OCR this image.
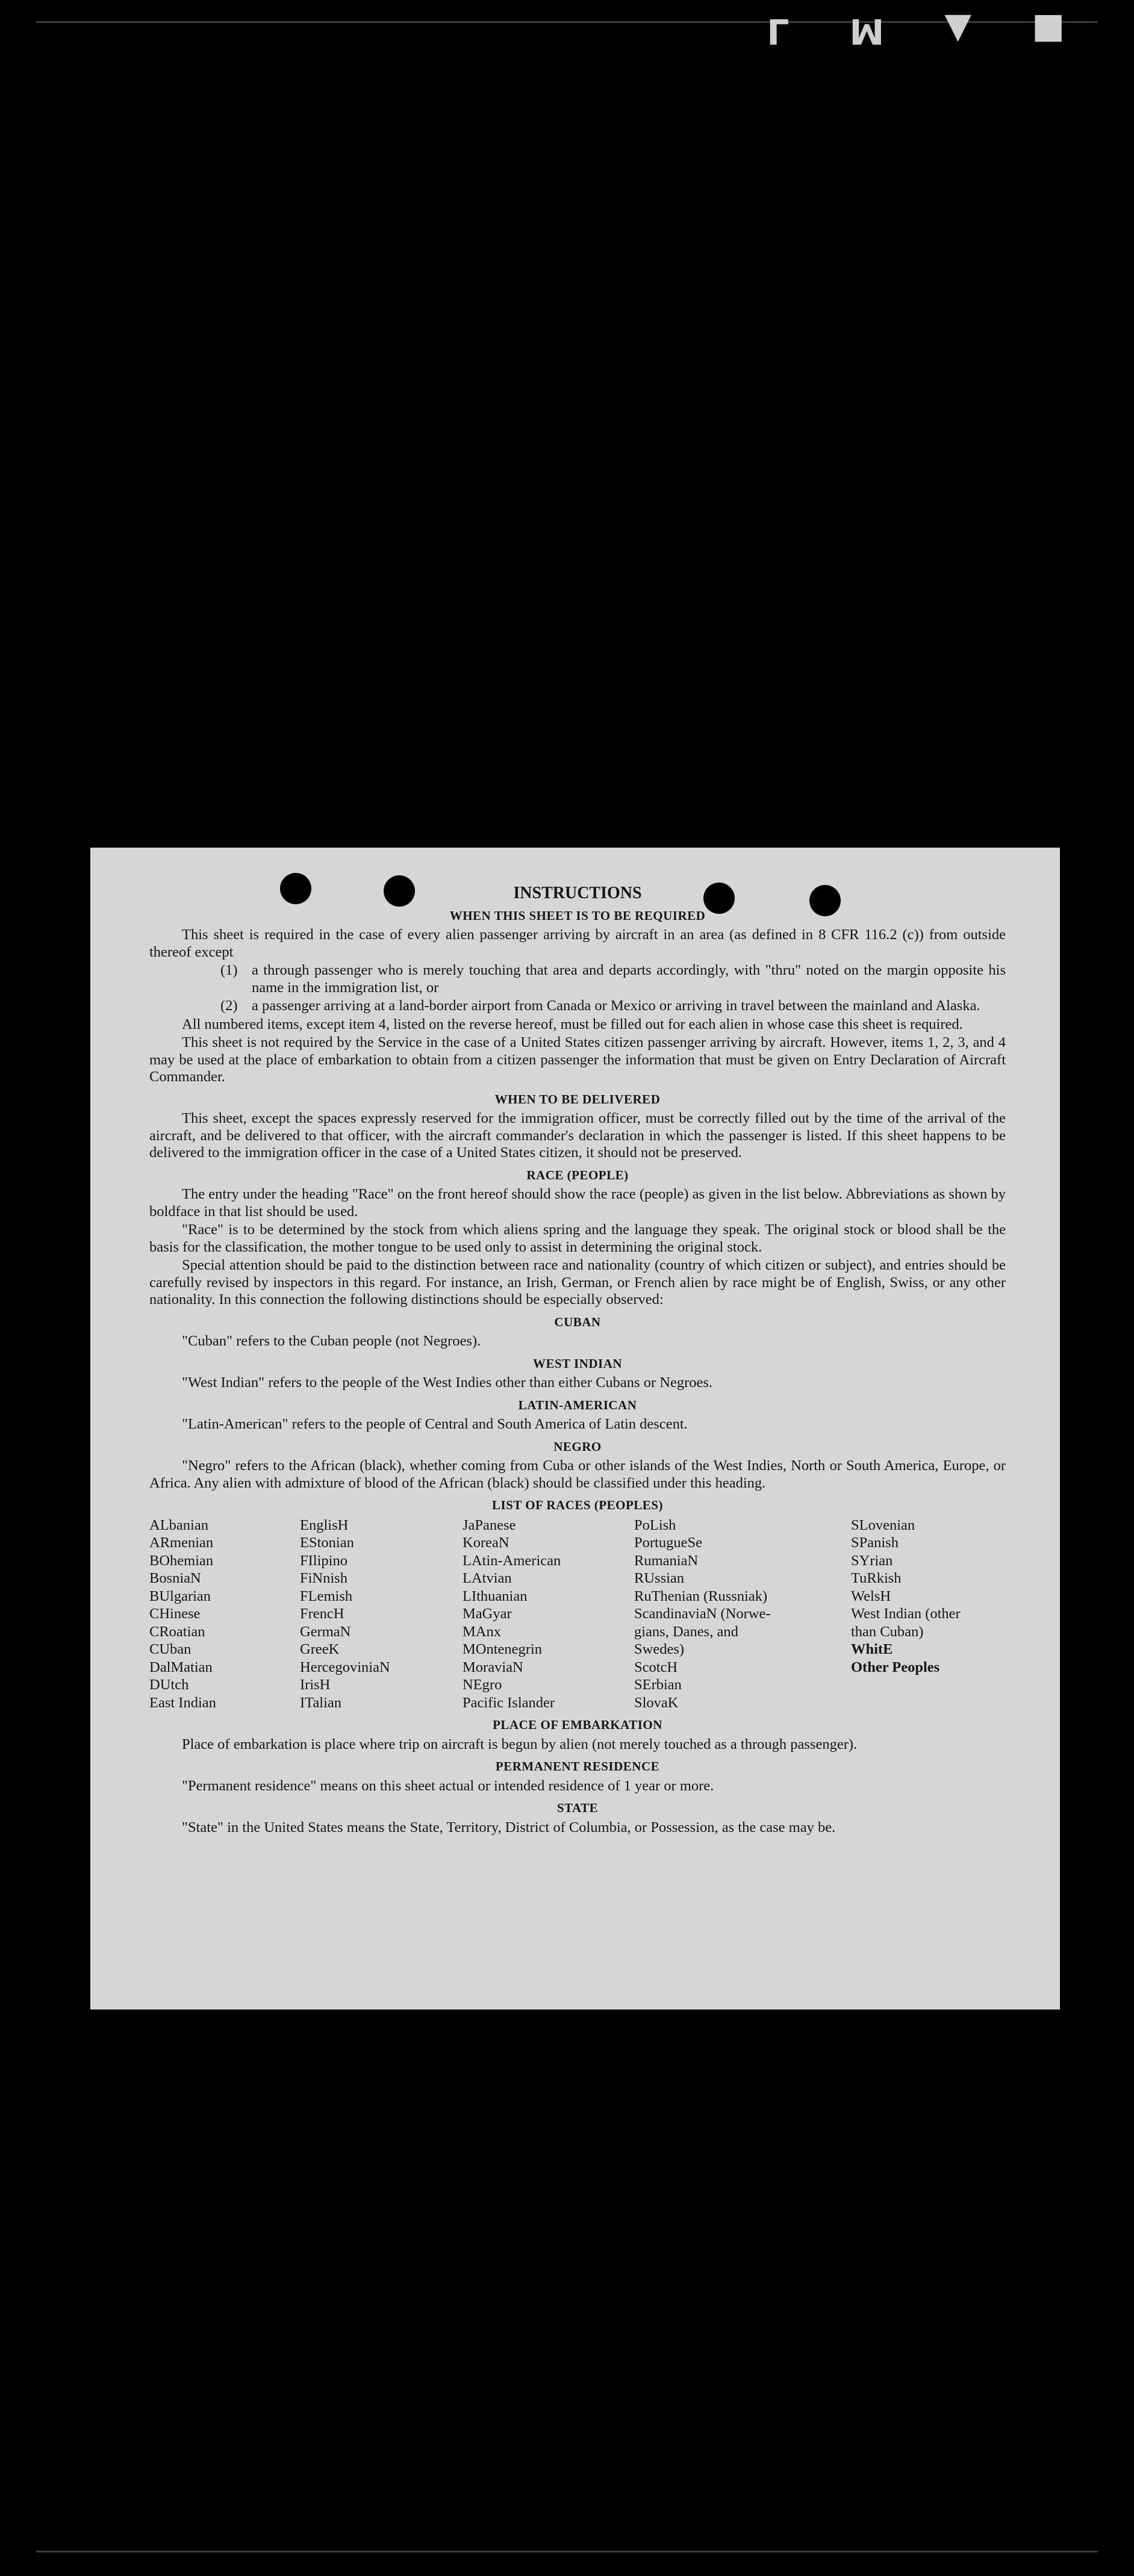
L M ▲ ■
INSTRUCTIONS
WHEN THIS SHEET IS TO BE REQUIRED

This sheet is required in the case of every alien passenger arriving by aircraft in an area (as defined in 8 CFR 116.2 (c)) from outside thereof except

(1) a through passenger who is merely touching that area and departs accordingly, with "thru" noted on the margin opposite his name in the immigration list, or
(2) a passenger arriving at a land-border airport from Canada or Mexico or arriving in travel between the mainland and Alaska.

All numbered items, except item 4, listed on the reverse hereof, must be filled out for each alien in whose case this sheet is required.

This sheet is not required by the Service in the case of a United States citizen passenger arriving by aircraft. However, items 1, 2, 3, and 4 may be used at the place of embarkation to obtain from a citizen passenger the information that must be given on Entry Declaration of Aircraft Commander.

WHEN TO BE DELIVERED

This sheet, except the spaces expressly reserved for the immigration officer, must be correctly filled out by the time of the arrival of the aircraft, and be delivered to that officer, with the aircraft commander's declaration in which the passenger is listed. If this sheet happens to be delivered to the immigration officer in the case of a United States citizen, it should not be preserved.

RACE (PEOPLE)

The entry under the heading "Race" on the front hereof should show the race (people) as given in the list below. Abbreviations as shown by boldface in that list should be used.

"Race" is to be determined by the stock from which aliens spring and the language they speak. The original stock or blood shall be the basis for the classification, the mother tongue to be used only to assist in determining the original stock.

Special attention should be paid to the distinction between race and nationality (country of which citizen or subject), and entries should be carefully revised by inspectors in this regard. For instance, an Irish, German, or French alien by race might be of English, Swiss, or any other nationality. In this connection the following distinctions should be especially observed:

CUBAN

"Cuban" refers to the Cuban people (not Negroes).

WEST INDIAN

"West Indian" refers to the people of the West Indies other than either Cubans or Negroes.

LATIN-AMERICAN

"Latin-American" refers to the people of Central and South America of Latin descent.

NEGRO

"Negro" refers to the African (black), whether coming from Cuba or other islands of the West Indies, North or South America, Europe, or Africa. Any alien with admixture of blood of the African (black) should be classified under this heading.

LIST OF RACES (PEOPLES)
ALbanian	EnglisH	JaPanese	PoLish	SLovenian
ARmenian	EStonian	KoreaN	PortugueSe	SPanish
BOhemian	FIlipino	LAtin-American	RumaniaN	SYrian
BosniaN	FiNnish	LAtvian	RUssian	TuRkish
BUlgarian	FLemish	LIthuanian	RuThenian (Russniak)	WelsH
CHinese	FrencH	MaGyar	ScandinaviaN (Norwe-	West Indian (other
CRoatian	GermaN	MAnx	gians, Danes, and	than Cuban)
CUban	GreeK	MOntenegrin	Swedes)	WhitE
DalMatian	HercegoviniaN	MoraviaN	ScotcH	Other Peoples
DUtch	IrisH	NEgro	SErbian
East Indian	ITalian	Pacific Islander	SlovaK
PLACE OF EMBARKATION

Place of embarkation is place where trip on aircraft is begun by alien (not merely touched as a through passenger).

PERMANENT RESIDENCE

"Permanent residence" means on this sheet actual or intended residence of 1 year or more.

STATE

"State" in the United States means the State, Territory, District of Columbia, or Possession, as the case may be.
